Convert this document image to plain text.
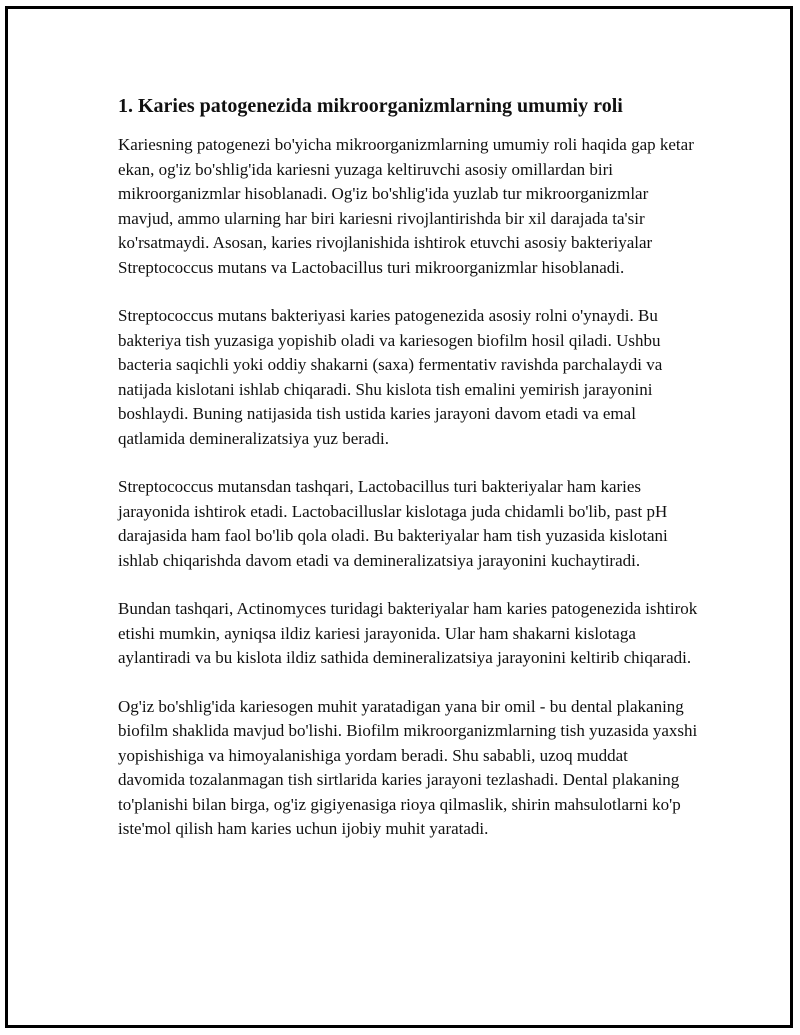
1. Karies patogenezida mikroorganizmlarning umumiy roli

Kariesning patogenezi bo'yicha mikroorganizmlarning umumiy roli haqida gap ketar ekan, og'iz bo'shlig'ida kariesni yuzaga keltiruvchi asosiy omillardan biri mikroorganizmlar hisoblanadi. Og'iz bo'shlig'ida yuzlab tur mikroorganizmlar mavjud, ammo ularning har biri kariesni rivojlantirishda bir xil darajada ta'sir ko'rsatmaydi. Asosan, karies rivojlanishida ishtirok etuvchi asosiy bakteriyalar Streptococcus mutans va Lactobacillus turi mikroorganizmlar hisoblanadi.

Streptococcus mutans bakteriyasi karies patogenezida asosiy rolni o'ynaydi. Bu bakteriya tish yuzasiga yopishib oladi va kariesogen biofilm hosil qiladi. Ushbu bacteria saqichli yoki oddiy shakarni (saxa) fermentativ ravishda parchalaydi va natijada kislotani ishlab chiqaradi. Shu kislota tish emalini yemirish jarayonini boshlaydi. Buning natijasida tish ustida karies jarayoni davom etadi va emal qatlamida demineralizatsiya yuz beradi.

Streptococcus mutansdan tashqari, Lactobacillus turi bakteriyalar ham karies jarayonida ishtirok etadi. Lactobacilluslar kislotaga juda chidamli bo'lib, past pH darajasida ham faol bo'lib qola oladi. Bu bakteriyalar ham tish yuzasida kislotani ishlab chiqarishda davom etadi va demineralizatsiya jarayonini kuchaytiradi.

Bundan tashqari, Actinomyces turidagi bakteriyalar ham karies patogenezida ishtirok etishi mumkin, ayniqsa ildiz kariesi jarayonida. Ular ham shakarni kislotaga aylantiradi va bu kislota ildiz sathida demineralizatsiya jarayonini keltirib chiqaradi.

Og'iz bo'shlig'ida kariesogen muhit yaratadigan yana bir omil - bu dental plakaning biofilm shaklida mavjud bo'lishi. Biofilm mikroorganizmlarning tish yuzasida yaxshi yopishishiga va himoyalanishiga yordam beradi. Shu sababli, uzoq muddat davomida tozalanmagan tish sirtlarida karies jarayoni tezlashadi. Dental plakaning to'planishi bilan birga, og'iz gigiyenasiga rioya qilmaslik, shirin mahsulotlarni ko'p iste'mol qilish ham karies uchun ijobiy muhit yaratadi.
